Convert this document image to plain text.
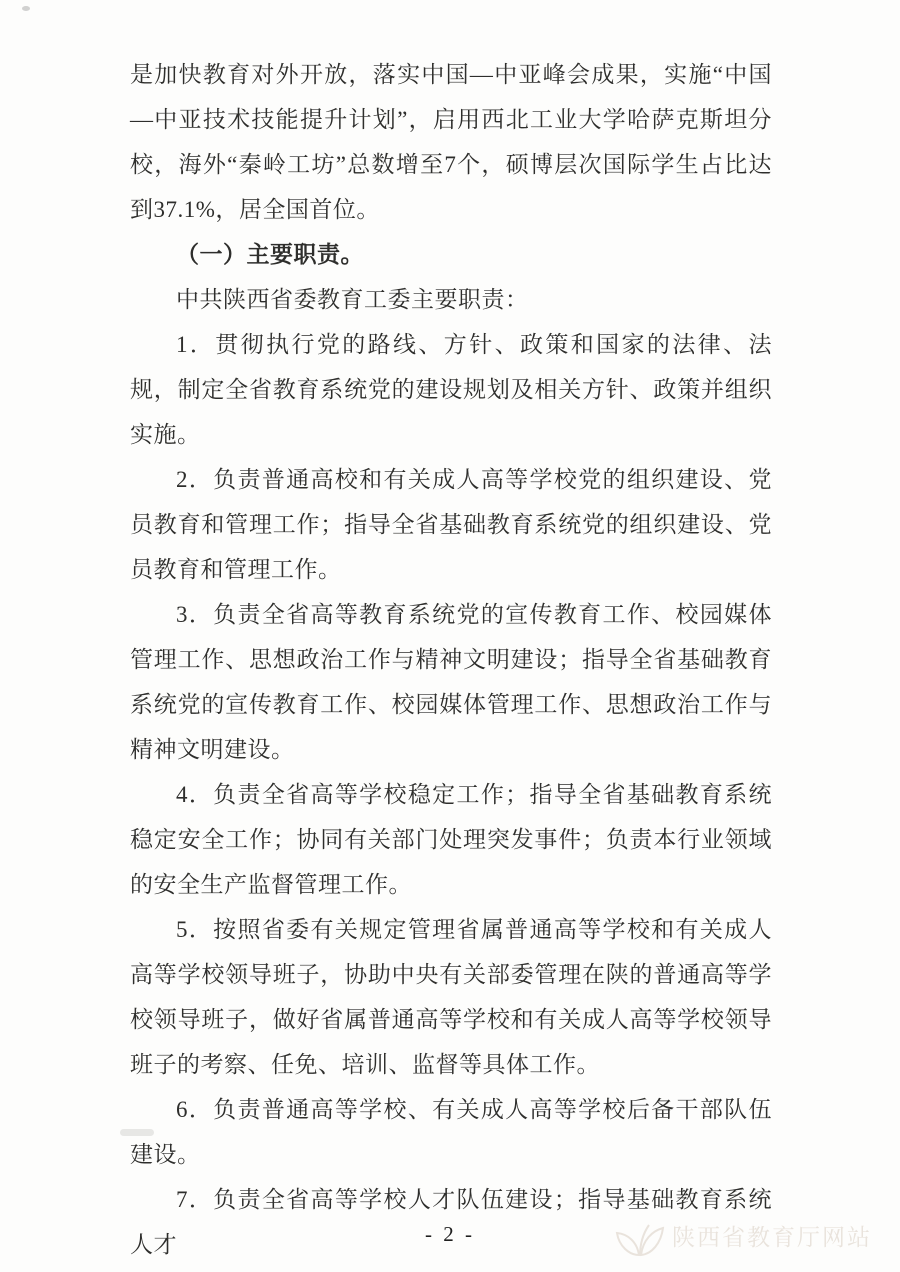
是加快教育对外开放，落实中国—中亚峰会成果，实施“中国—中亚技术技能提升计划”，启用西北工业大学哈萨克斯坦分校，海外“秦岭工坊”总数增至7个，硕博层次国际学生占比达到37.1%，居全国首位。

（一）主要职责。

中共陕西省委教育工委主要职责：

1．贯彻执行党的路线、方针、政策和国家的法律、法规，制定全省教育系统党的建设规划及相关方针、政策并组织实施。

2．负责普通高校和有关成人高等学校党的组织建设、党员教育和管理工作；指导全省基础教育系统党的组织建设、党员教育和管理工作。

3．负责全省高等教育系统党的宣传教育工作、校园媒体管理工作、思想政治工作与精神文明建设；指导全省基础教育系统党的宣传教育工作、校园媒体管理工作、思想政治工作与精神文明建设。

4．负责全省高等学校稳定工作；指导全省基础教育系统稳定安全工作；协同有关部门处理突发事件；负责本行业领域的安全生产监督管理工作。

5．按照省委有关规定管理省属普通高等学校和有关成人高等学校领导班子，协助中央有关部委管理在陕的普通高等学校领导班子，做好省属普通高等学校和有关成人高等学校领导班子的考察、任免、培训、监督等具体工作。

6．负责普通高等学校、有关成人高等学校后备干部队伍建设。

7．负责全省高等学校人才队伍建设；指导基础教育系统人才	陕西省教育厅网站
- 2 -
